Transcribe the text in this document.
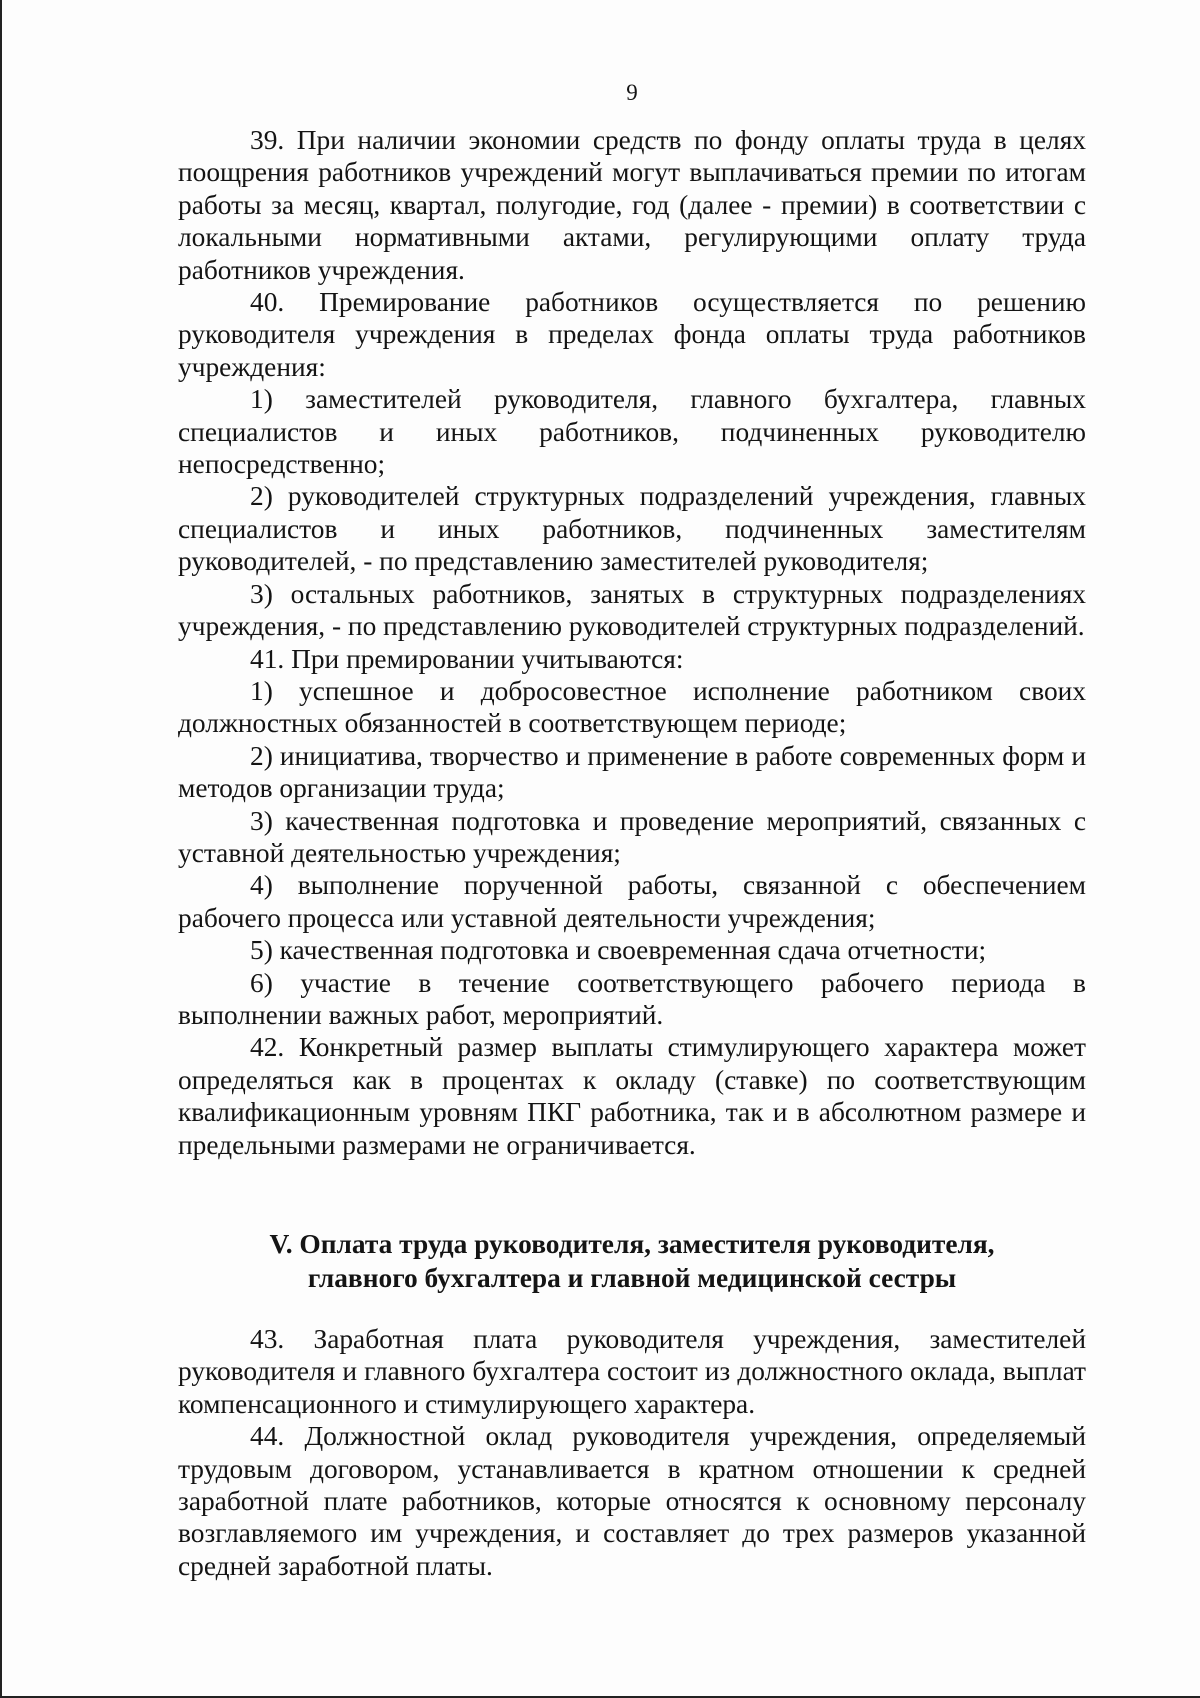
9

39. При наличии экономии средств по фонду оплаты труда в целях поощрения работников учреждений могут выплачиваться премии по итогам работы за месяц, квартал, полугодие, год (далее - премии) в соответствии с локальными нормативными актами, регулирующими оплату труда работников учреждения.

40. Премирование работников осуществляется по решению руководителя учреждения в пределах фонда оплаты труда работников учреждения:

1) заместителей руководителя, главного бухгалтера, главных специалистов и иных работников, подчиненных руководителю непосредственно;

2) руководителей структурных подразделений учреждения, главных специалистов и иных работников, подчиненных заместителям руководителей, - по представлению заместителей руководителя;

3) остальных работников, занятых в структурных подразделениях учреждения, - по представлению руководителей структурных подразделений.

41. При премировании учитываются:

1) успешное и добросовестное исполнение работником своих должностных обязанностей в соответствующем периоде;

2) инициатива, творчество и применение в работе современных форм и методов организации труда;

3) качественная подготовка и проведение мероприятий, связанных с уставной деятельностью учреждения;

4) выполнение порученной работы, связанной с обеспечением рабочего процесса или уставной деятельности учреждения;

5) качественная подготовка и своевременная сдача отчетности;

6) участие в течение соответствующего рабочего периода в выполнении важных работ, мероприятий.

42. Конкретный размер выплаты стимулирующего характера может определяться как в процентах к окладу (ставке) по соответствующим квалификационным уровням ПКГ работника, так и в абсолютном размере и предельными размерами не ограничивается.

V. Оплата труда руководителя, заместителя руководителя,
главного бухгалтера и главной медицинской сестры

43. Заработная плата руководителя учреждения, заместителей руководителя и главного бухгалтера состоит из должностного оклада, выплат компенсационного и стимулирующего характера.

44. Должностной оклад руководителя учреждения, определяемый трудовым договором, устанавливается в кратном отношении к средней заработной плате работников, которые относятся к основному персоналу возглавляемого им учреждения, и составляет до трех размеров указанной средней заработной платы.
